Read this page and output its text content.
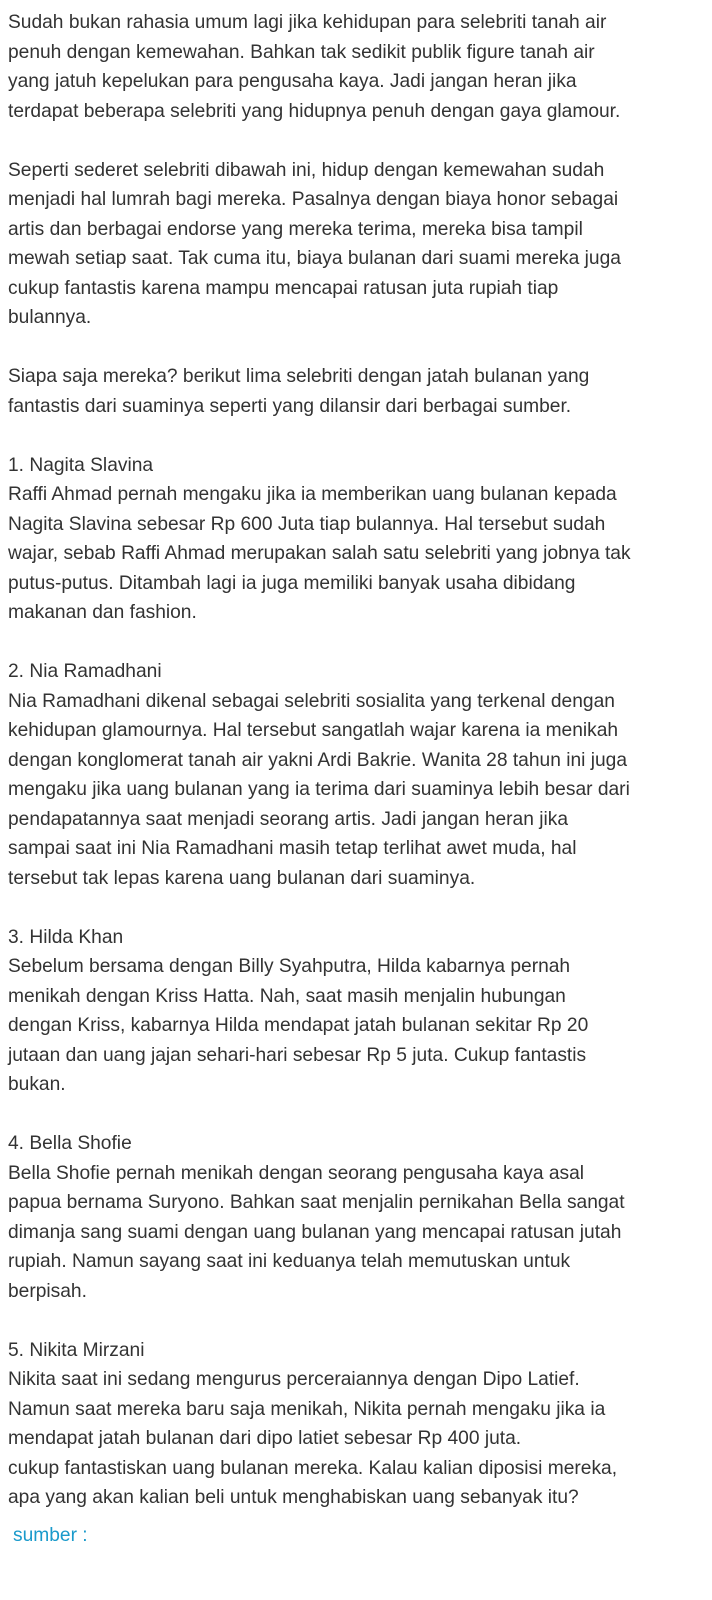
Sudah bukan rahasia umum lagi jika kehidupan para selebriti tanah air
penuh dengan kemewahan. Bahkan tak sedikit publik figure tanah air
yang jatuh kepelukan para pengusaha kaya. Jadi jangan heran jika
terdapat beberapa selebriti yang hidupnya penuh dengan gaya glamour.

Seperti sederet selebriti dibawah ini, hidup dengan kemewahan sudah
menjadi hal lumrah bagi mereka. Pasalnya dengan biaya honor sebagai
artis dan berbagai endorse yang mereka terima, mereka bisa tampil
mewah setiap saat. Tak cuma itu, biaya bulanan dari suami mereka juga
cukup fantastis karena mampu mencapai ratusan juta rupiah tiap
bulannya.

Siapa saja mereka? berikut lima selebriti dengan jatah bulanan yang
fantastis dari suaminya seperti yang dilansir dari berbagai sumber.

1. Nagita Slavina

Raffi Ahmad pernah mengaku jika ia memberikan uang bulanan kepada
Nagita Slavina sebesar Rp 600 Juta tiap bulannya. Hal tersebut sudah
wajar, sebab Raffi Ahmad merupakan salah satu selebriti yang jobnya tak
putus-putus. Ditambah lagi ia juga memiliki banyak usaha dibidang
makanan dan fashion.

2. Nia Ramadhani

Nia Ramadhani dikenal sebagai selebriti sosialita yang terkenal dengan
kehidupan glamournya. Hal tersebut sangatlah wajar karena ia menikah
dengan konglomerat tanah air yakni Ardi Bakrie. Wanita 28 tahun ini juga
mengaku jika uang bulanan yang ia terima dari suaminya lebih besar dari
pendapatannya saat menjadi seorang artis. Jadi jangan heran jika
sampai saat ini Nia Ramadhani masih tetap terlihat awet muda, hal
tersebut tak lepas karena uang bulanan dari suaminya.

3. Hilda Khan

Sebelum bersama dengan Billy Syahputra, Hilda kabarnya pernah
menikah dengan Kriss Hatta. Nah, saat masih menjalin hubungan
dengan Kriss, kabarnya Hilda mendapat jatah bulanan sekitar Rp 20
jutaan dan uang jajan sehari-hari sebesar Rp 5 juta. Cukup fantastis
bukan.

4. Bella Shofie

Bella Shofie pernah menikah dengan seorang pengusaha kaya asal
papua bernama Suryono. Bahkan saat menjalin pernikahan Bella sangat
dimanja sang suami dengan uang bulanan yang mencapai ratusan jutah
rupiah. Namun sayang saat ini keduanya telah memutuskan untuk
berpisah.

5. Nikita Mirzani

Nikita saat ini sedang mengurus perceraiannya dengan Dipo Latief.
Namun saat mereka baru saja menikah, Nikita pernah mengaku jika ia
mendapat jatah bulanan dari dipo latiet sebesar Rp 400 juta.
cukup fantastiskan uang bulanan mereka. Kalau kalian diposisi mereka,
apa yang akan kalian beli untuk menghabiskan uang sebanyak itu?

sumber :
